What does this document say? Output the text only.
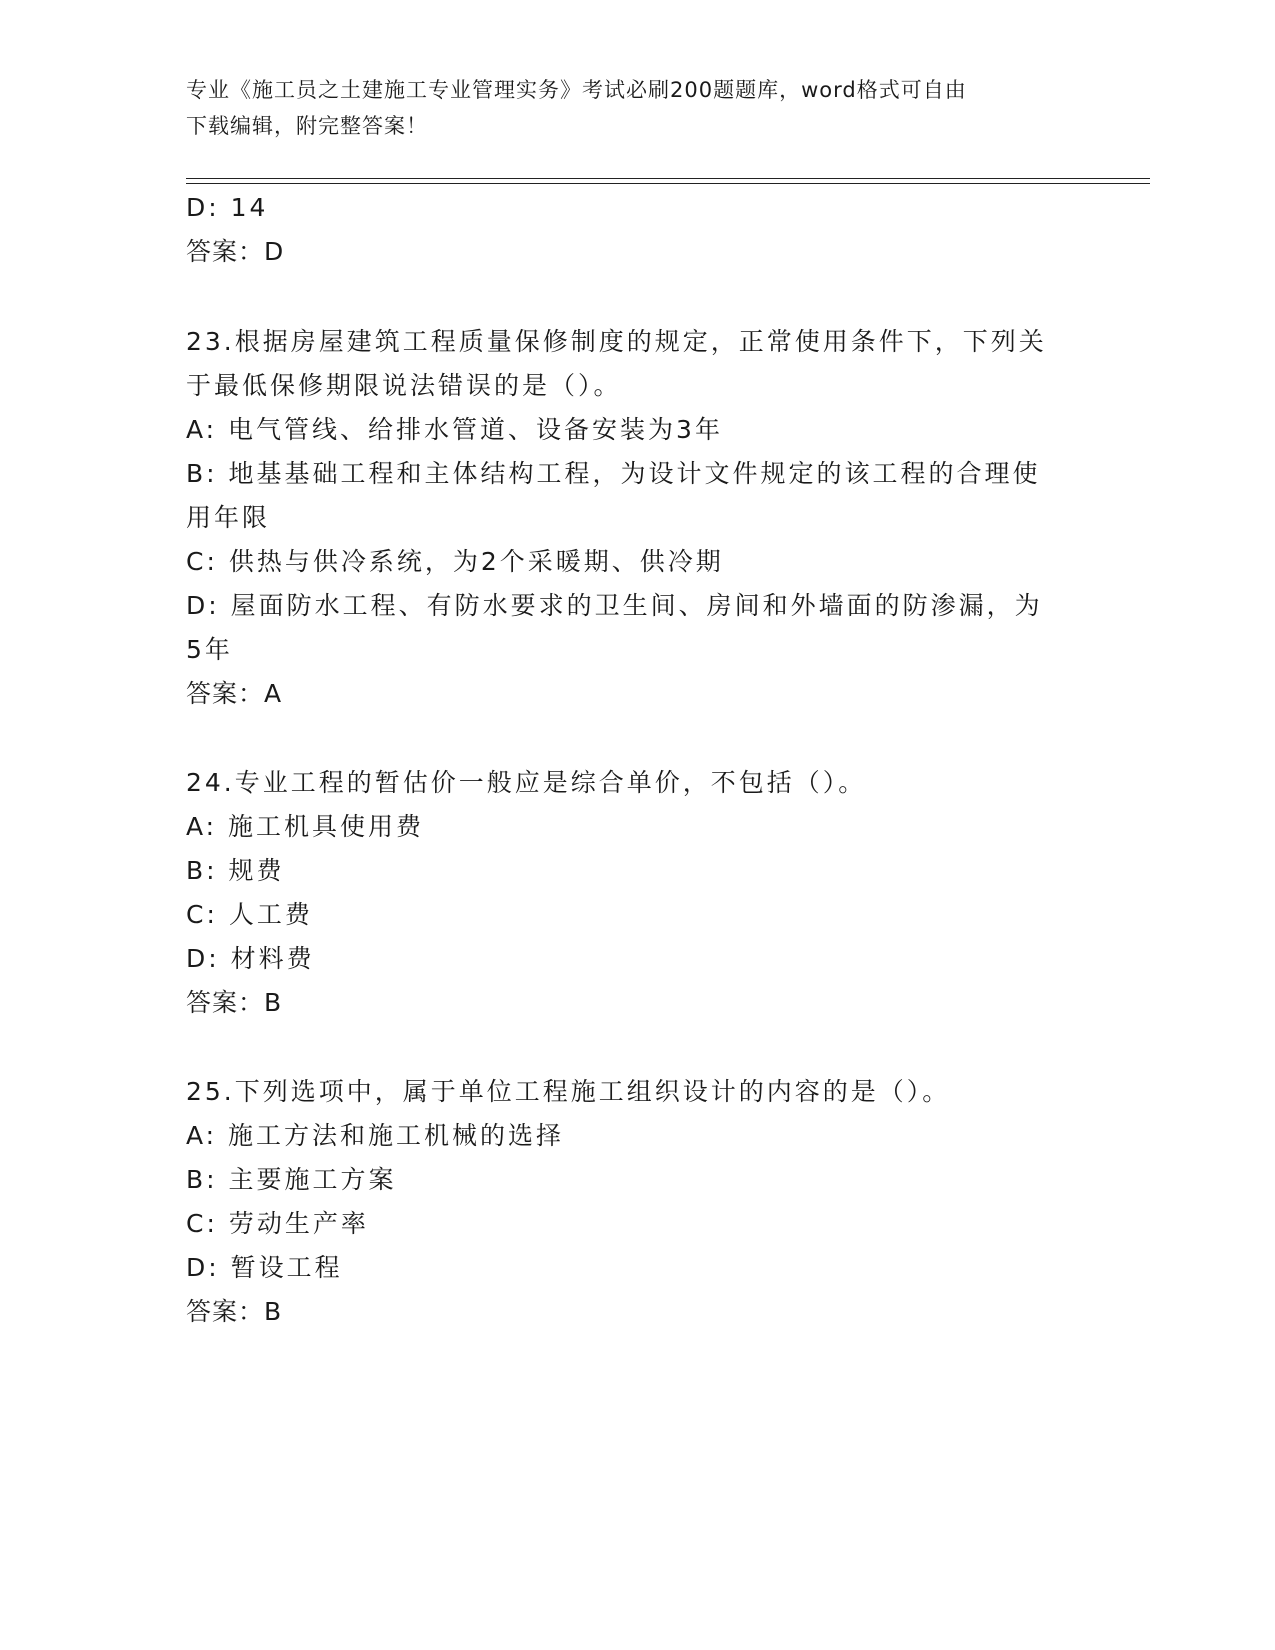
专业《施工员之土建施工专业管理实务》考试必刷200题题库，word格式可自由
下载编辑，附完整答案！
D: 14
答案：D
23.根据房屋建筑工程质量保修制度的规定，正常使用条件下，下列关
于最低保修期限说法错误的是（）。
A: 电气管线、给排水管道、设备安装为3年
B: 地基基础工程和主体结构工程，为设计文件规定的该工程的合理使
用年限
C: 供热与供冷系统，为2个采暖期、供冷期
D: 屋面防水工程、有防水要求的卫生间、房间和外墙面的防渗漏，为
5年
答案：A
24.专业工程的暂估价一般应是综合单价，不包括（）。
A: 施工机具使用费
B: 规费
C: 人工费
D: 材料费
答案：B
25.下列选项中，属于单位工程施工组织设计的内容的是（）。
A: 施工方法和施工机械的选择
B: 主要施工方案
C: 劳动生产率
D: 暂设工程
答案：B
